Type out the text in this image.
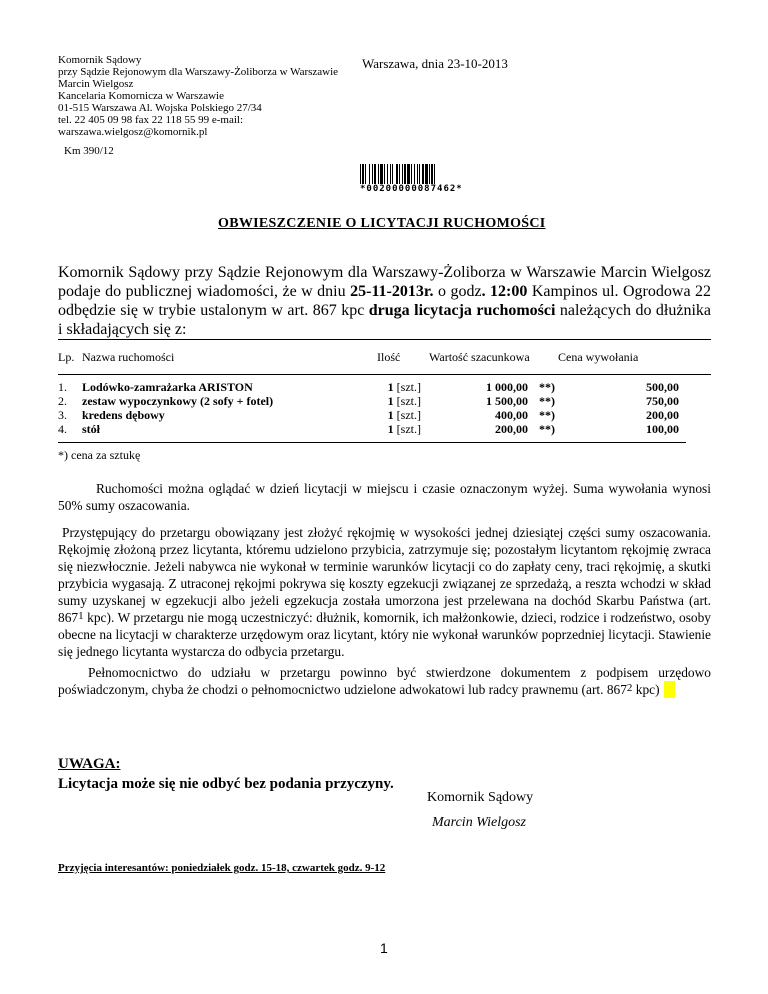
Komornik Sądowy
przy Sądzie Rejonowym dla Warszawy-Żoliborza w Warszawie
Marcin Wielgosz
Kancelaria Komornicza w Warszawie
01-515 Warszawa Al. Wojska Polskiego 27/34
tel. 22 405 09 98 fax 22 118 55 99 e-mail:
warszawa.wielgosz@komornik.pl
Warszawa, dnia 23-10-2013
Km 390/12
*00200000087462*
OBWIESZCZENIE O LICYTACJI RUCHOMOŚCI
Komornik Sądowy przy Sądzie Rejonowym dla Warszawy-Żoliborza w Warszawie Marcin Wielgosz podaje do publicznej wiadomości, że w dniu 25-11-2013r. o godz. 12:00 Kampinos ul. Ogrodowa 22 odbędzie się w trybie ustalonym w art. 867 kpc druga licytacja ruchomości należących do dłużnika i składających się z:
Lp. Nazwa ruchomości	Ilość Wartość szacunkowa Cena wywołania
1. Lodówko-zamrażarka ARISTON	1 [szt.]	1 000,00 **)	500,00
2. zestaw wypoczynkowy (2 sofy + fotel)	1 [szt.]	1 500,00 **)	750,00
3. kredens dębowy	1 [szt.]	400,00 **)	200,00
4. stół	1 [szt.]	200,00 **)	100,00
*) cena za sztukę
Ruchomości można oglądać w dzień licytacji w miejscu i czasie oznaczonym wyżej. Suma wywołania wynosi 50% sumy oszacowania.
Przystępujący do przetargu obowiązany jest złożyć rękojmię w wysokości jednej dziesiątej części sumy oszacowania. Rękojmię złożoną przez licytanta, któremu udzielono przybicia, zatrzymuje się; pozostałym licytantom rękojmię zwraca się niezwłocznie. Jeżeli nabywca nie wykonał w terminie warunków licytacji co do zapłaty ceny, traci rękojmię, a skutki przybicia wygasają. Z utraconej rękojmi pokrywa się koszty egzekucji związanej ze sprzedażą, a reszta wchodzi w skład sumy uzyskanej w egzekucji albo jeżeli egzekucja została umorzona jest przelewana na dochód Skarbu Państwa (art. $867^1$ kpc). W przetargu nie mogą uczestniczyć: dłużnik, komornik, ich małżonkowie, dzieci, rodzice i rodzeństwo, osoby obecne na licytacji w charakterze urzędowym oraz licytant, który nie wykonał warunków poprzedniej licytacji. Stawienie się jednego licytanta wystarcza do odbycia przetargu.
Pełnomocnictwo do udziału w przetargu powinno być stwierdzone dokumentem z podpisem urzędowo poświadczonym, chyba że chodzi o pełnomocnictwo udzielone adwokatowi lub radcy prawnemu (art. $867^2$ kpc)
UWAGA:
Licytacja może się nie odbyć bez podania przyczyny.
Komornik Sądowy
Marcin Wielgosz
Przyjęcia interesantów: poniedziałek godz. 15-18, czwartek godz. 9-12
1
